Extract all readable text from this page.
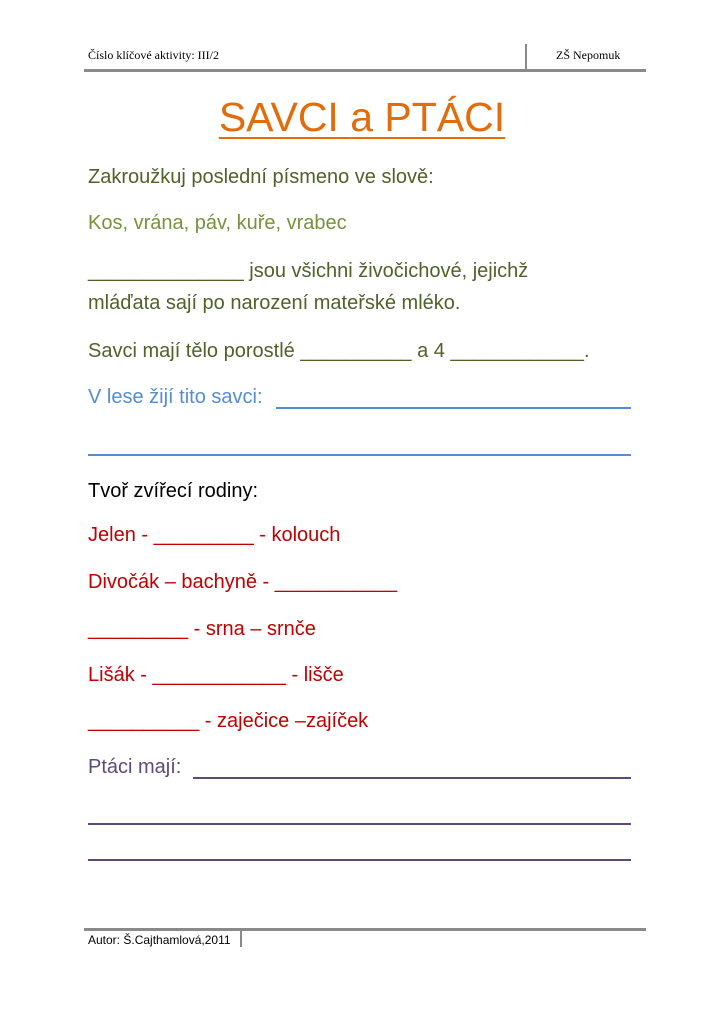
Číslo klíčové aktivity: III/2	ZŠ Nepomuk
SAVCI a PTÁCI
Zakroužkuj poslední písmeno ve slově:
Kos, vrána, páv, kuře, vrabec
______________ jsou všichni živočichové, jejichž
mláďata sají po narození mateřské mléko.
Savci mají tělo porostlé __________ a 4 ____________.
V lese žijí tito savci:
Tvoř zvířecí rodiny:
Jelen - _________ - kolouch
Divočák – bachyně - ___________
_________ - srna – srnče
Lišák - ____________ - lišče
__________ - zaječice –zajíček
Ptáci mají:
Autor: Š.Cajthamlová,2011
